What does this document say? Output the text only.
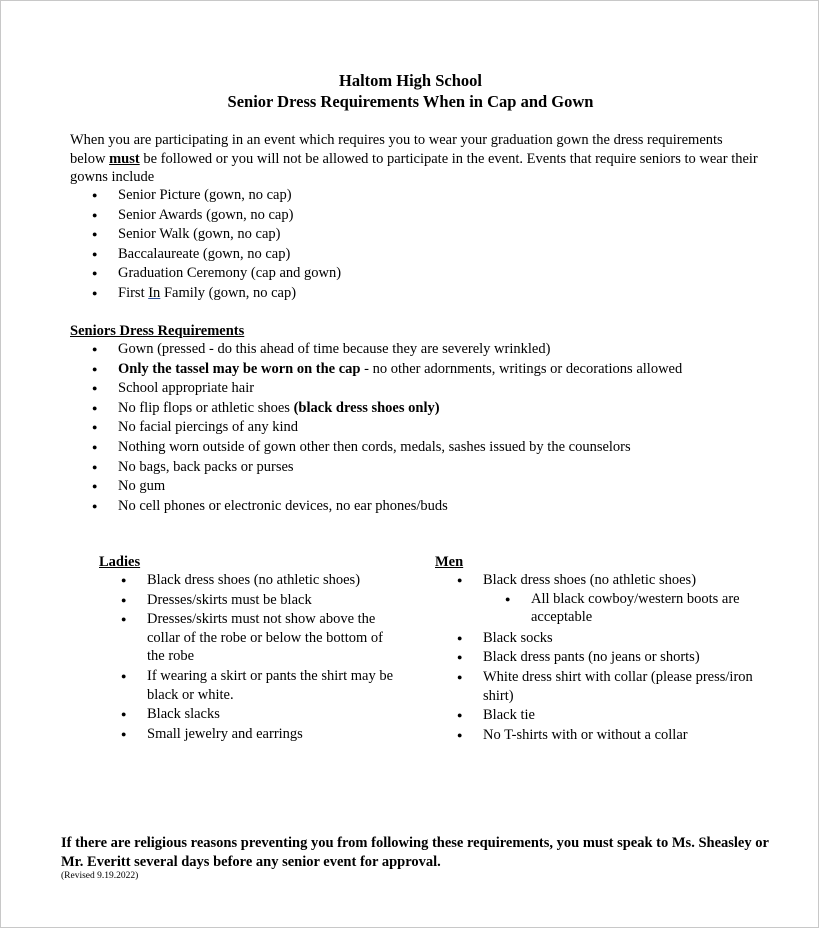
Haltom High School
Senior Dress Requirements When in Cap and Gown

When you are participating in an event which requires you to wear your graduation gown the dress requirements below must be followed or you will not be allowed to participate in the event. Events that require seniors to wear their gowns include

● Senior Picture (gown, no cap)
● Senior Awards (gown, no cap)
● Senior Walk (gown, no cap)
● Baccalaureate (gown, no cap)
● Graduation Ceremony (cap and gown)
● First In Family (gown, no cap)
Seniors Dress Requirements
● Gown (pressed - do this ahead of time because they are severely wrinkled)
● Only the tassel may be worn on the cap - no other adornments, writings or decorations allowed
● School appropriate hair
● No flip flops or athletic shoes (black dress shoes only)
● No facial piercings of any kind
● Nothing worn outside of gown other then cords, medals, sashes issued by the counselors
● No bags, back packs or purses
● No gum
● No cell phones or electronic devices, no ear phones/buds
Ladies	Men
● Black dress shoes (no athletic shoes)
● Dresses/skirts must be black
● Dresses/skirts must not show above the collar of the robe or below the bottom of the robe
● If wearing a skirt or pants the shirt may be black or white.
● Black slacks
● Small jewelry and earrings
● Black dress shoes (no athletic shoes)
● All black cowboy/western boots are acceptable
● Black socks
● Black dress pants (no jeans or shorts)
● White dress shirt with collar (please press/iron shirt)
● Black tie
● No T-shirts with or without a collar

If there are religious reasons preventing you from following these requirements, you must speak to Ms. Sheasley or Mr. Everitt several days before any senior event for approval.

(Revised 9.19.2022)
